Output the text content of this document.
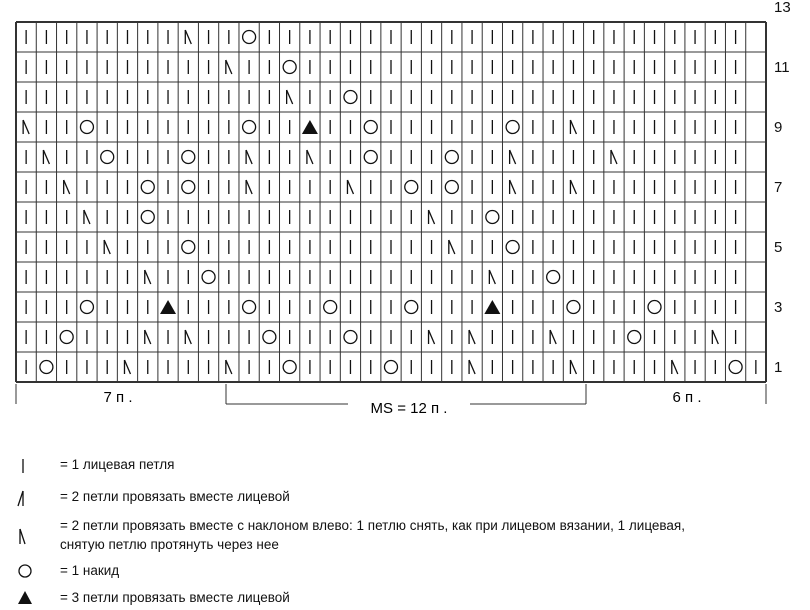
1
3
5
7
9
11
13
7 п .
MS = 12 п .
6 п .
= 1 лицевая петля
= 2 петли провязать вместе лицевой
= 2 петли провязать вместе с наклоном влево: 1 петлю снять, как при лицевом вязании, 1 лицевая,
снятую петлю протянуть через нее
= 1 накид
= 3 петли провязать вместе лицевой
